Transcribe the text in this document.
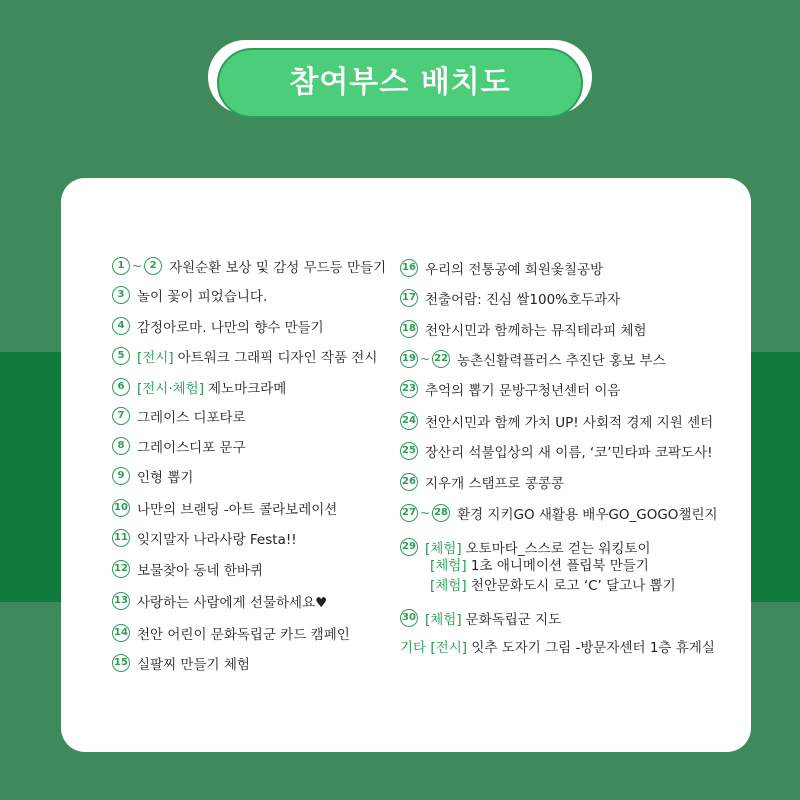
참여부스 배치도
1 ~ 2 자원순환 보상 및 감성 무드등 만들기
3 놀이 꽃이 피었습니다.
4 감정아로마. 나만의 향수 만들기
5 [전시] 아트워크 그래픽 디자인 작품 전시
6 [전시·체험] 제노마크라메
7 그레이스 디포타로
8 그레이스디포 문구
9 인형 뽑기
10 나만의 브랜딩 -아트 콜라보레이션
11 잊지말자 나라사랑 Festa!!
12 보물찾아 동네 한바퀴
13 사랑하는 사람에게 선물하세요♥
14 천안 어린이 문화독립군 카드 캠페인
15 실팔찌 만들기 체험
16 우리의 전통공예 희원옻칠공방
17 천출어람: 진심 쌀100%호두과자
18 천안시민과 함께하는 뮤직테라피 체험
19 ~ 22 농촌신활력플러스 추진단 홍보 부스
23 추억의 뽑기 문방구청년센터 이음
24 천안시민과 함께 가치 UP! 사회적 경제 지원 센터
25 장산리 석불입상의 새 이름, ‘코’민타파 코팍도사!
26 지우개 스탬프로 콩콩콩
27 ~ 28 환경 지키GO 새활용 배우GO_GOGO챌린지
29 [체험] 오토마타_스스로 걷는 워킹토이
[체험] 1초 애니메이션 플립북 만들기
[체험] 천안문화도시 로고 ‘C’ 달고나 뽑기
30 [체험] 문화독립군 지도
기타 [전시] 잇추 도자기 그림 -방문자센터 1층 휴게실
